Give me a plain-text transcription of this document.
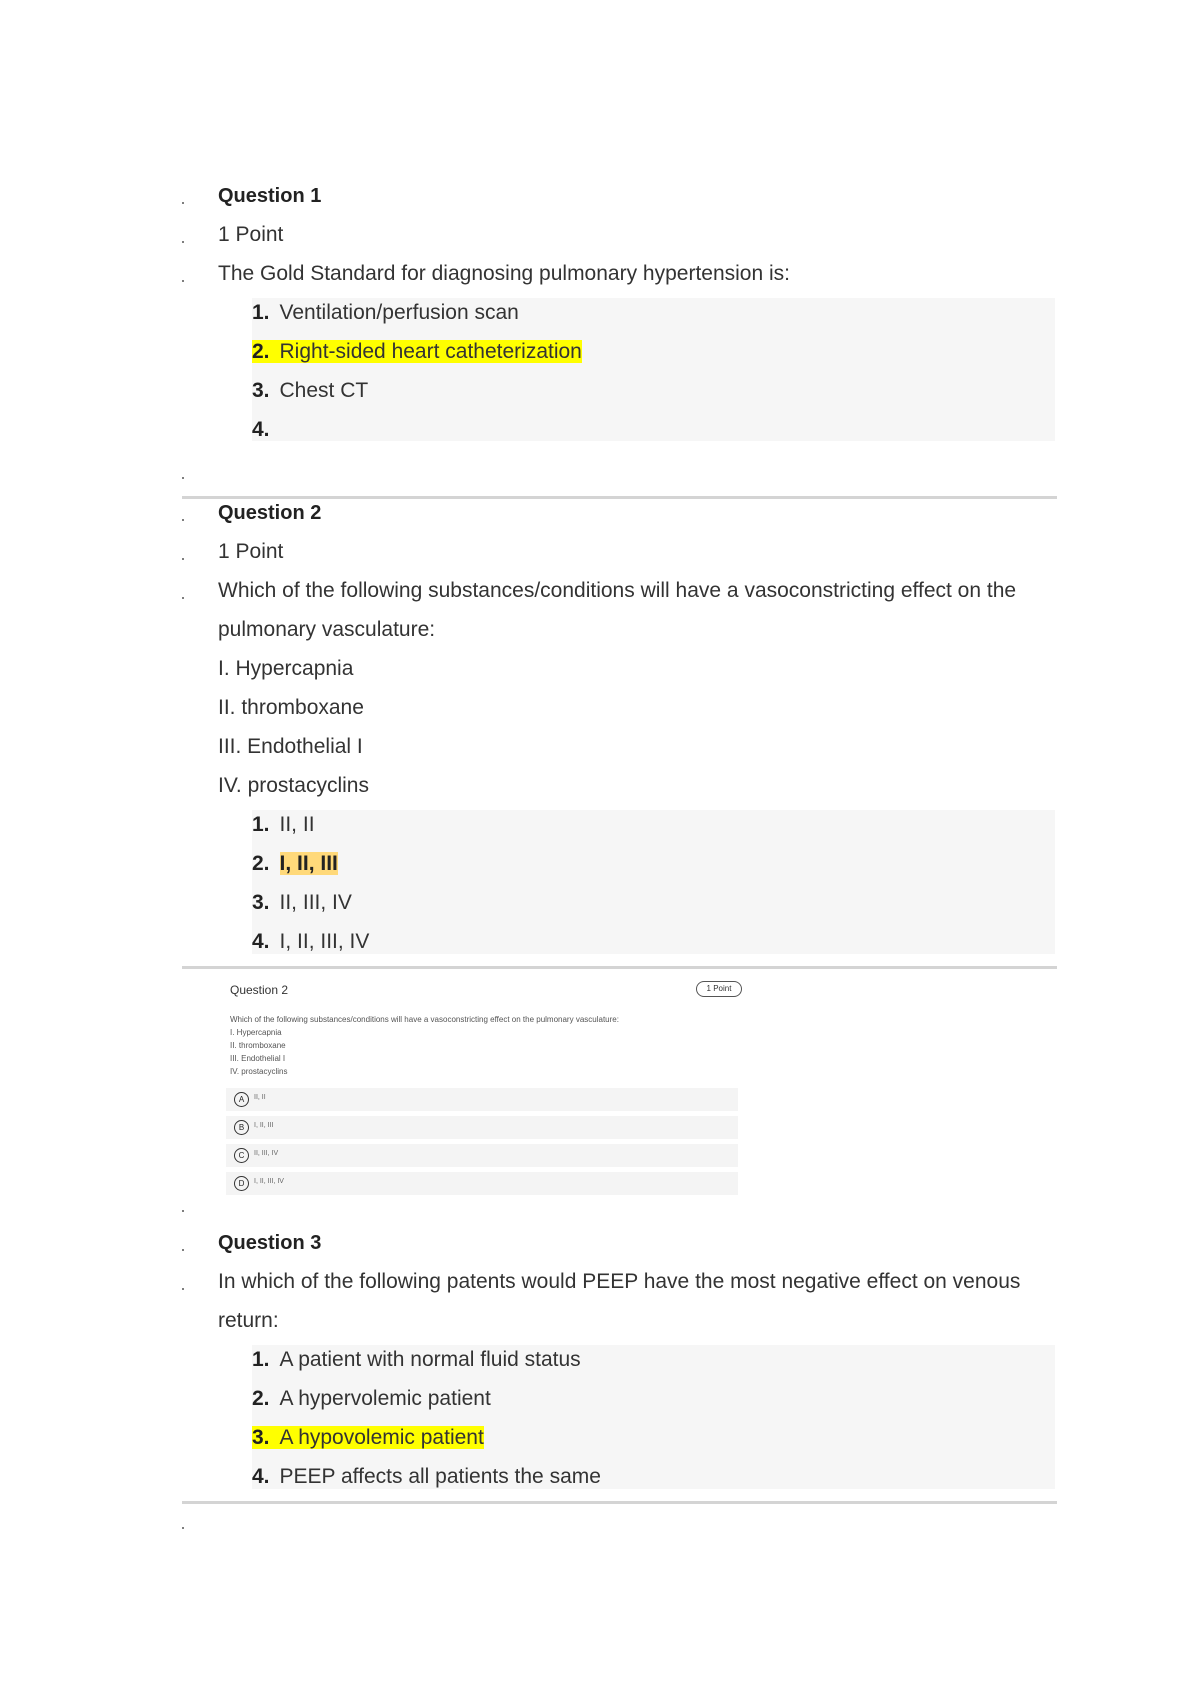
Question 1
1 Point
The Gold Standard for diagnosing pulmonary hypertension is:
1. Ventilation/perfusion scan
2. Right-sided heart catheterization
3. Chest CT
4.
Question 2
1 Point
Which of the following substances/conditions will have a vasoconstricting effect on the
pulmonary vasculature:
I. Hypercapnia
II. thromboxane
III. Endothelial I
IV. prostacyclins
1. II, II
2. I, II, III
3. II, III, IV
4. I, II, III, IV
Question 2	1 Point
Which of the following substances/conditions will have a vasoconstricting effect on the pulmonary vasculature:
I. Hypercapnia
II. thromboxane
III. Endothelial I
IV. prostacyclins
A	II, II
B	I, II, III
C	II, III, IV
D	I, II, III, IV
Question 3
In which of the following patents would PEEP have the most negative effect on venous
return:
1. A patient with normal fluid status
2. A hypervolemic patient
3. A hypovolemic patient
4. PEEP affects all patients the same
